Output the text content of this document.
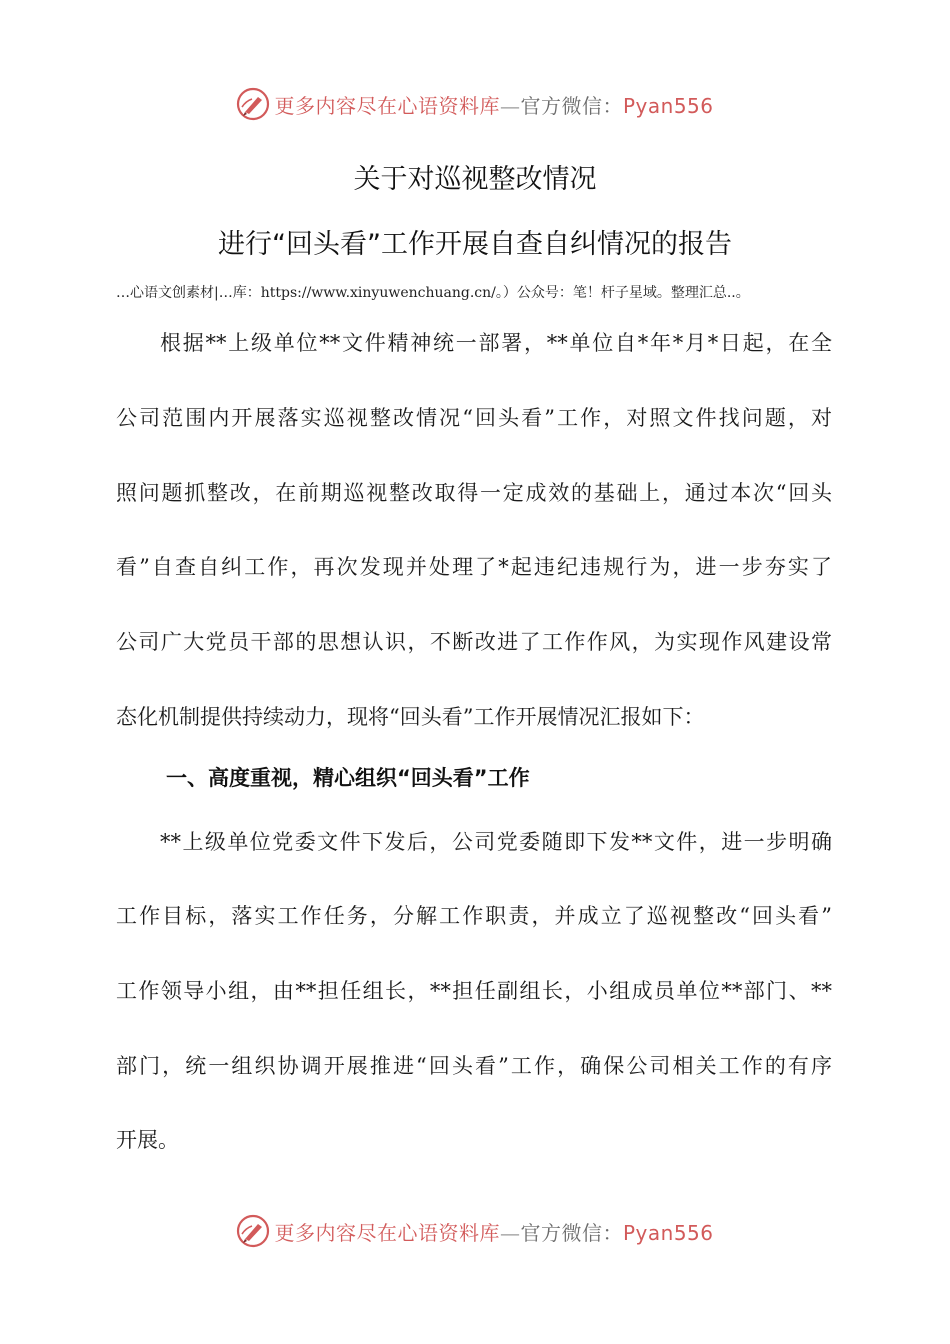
更多内容尽在心语资料库—官方微信：Pyan556
关于对巡视整改情况
进行“回头看”工作开展自查自纠情况的报告
…心语文创素材|…库：https://www.xinyuwenchuang.cn/。）公众号：笔！杆子星域。整理汇总..。
根据**上级单位**文件精神统一部署，**单位自*年*月*日起，在全
公司范围内开展落实巡视整改情况“回头看”工作，对照文件找问题，对
照问题抓整改，在前期巡视整改取得一定成效的基础上，通过本次“回头
看”自查自纠工作，再次发现并处理了*起违纪违规行为，进一步夯实了
公司广大党员干部的思想认识，不断改进了工作作风，为实现作风建设常
态化机制提供持续动力，现将“回头看”工作开展情况汇报如下：
一、高度重视，精心组织“回头看”工作
**上级单位党委文件下发后，公司党委随即下发**文件，进一步明确
工作目标，落实工作任务，分解工作职责，并成立了巡视整改“回头看”
工作领导小组，由**担任组长，**担任副组长，小组成员单位**部门、**
部门，统一组织协调开展推进“回头看”工作，确保公司相关工作的有序
开展。
更多内容尽在心语资料库—官方微信：Pyan556
